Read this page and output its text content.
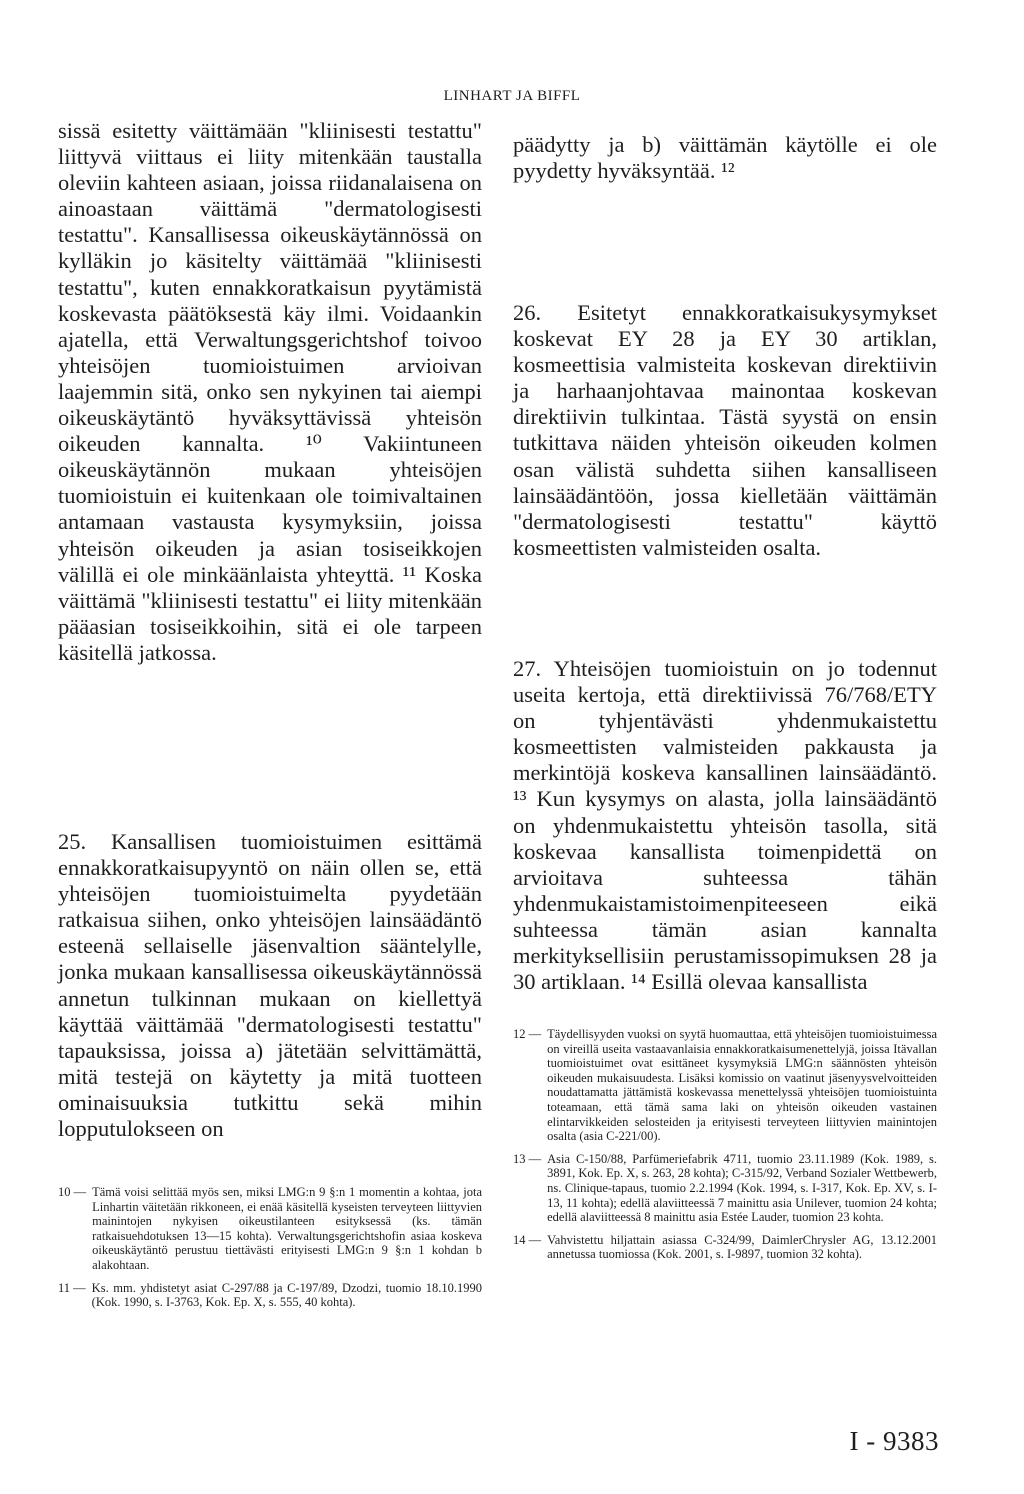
LINHART JA BIFFL

sissä esitetty väittämään "kliinisesti testattu" liittyvä viittaus ei liity mitenkään taustalla oleviin kahteen asiaan, joissa riidanalaisena on ainoastaan väittämä "dermatologisesti testattu". Kansallisessa oikeuskäytännössä on kylläkin jo käsitelty väittämää "kliinisesti testattu", kuten ennakkoratkaisun pyytämistä koskevasta päätöksestä käy ilmi. Voidaankin ajatella, että Verwaltungsgerichtshof toivoo yhteisöjen tuomioistuimen arvioivan laajemmin sitä, onko sen nykyinen tai aiempi oikeuskäytäntö hyväksyttävissä yhteisön oikeuden kannalta. ¹⁰ Vakiintuneen oikeuskäytännön mukaan yhteisöjen tuomioistuin ei kuitenkaan ole toimivaltainen antamaan vastausta kysymyksiin, joissa yhteisön oikeuden ja asian tosiseikkojen välillä ei ole minkäänlaista yhteyttä. ¹¹ Koska väittämä "kliinisesti testattu" ei liity mitenkään pääasian tosiseikkoihin, sitä ei ole tarpeen käsitellä jatkossa.

25. Kansallisen tuomioistuimen esittämä ennakkoratkaisupyyntö on näin ollen se, että yhteisöjen tuomioistuimelta pyydetään ratkaisua siihen, onko yhteisöjen lainsäädäntö esteenä sellaiselle jäsenvaltion sääntelylle, jonka mukaan kansallisessa oikeuskäytännössä annetun tulkinnan mukaan on kiellettyä käyttää väittämää "dermatologisesti testattu" tapauksissa, joissa a) jätetään selvittämättä, mitä testejä on käytetty ja mitä tuotteen ominaisuuksia tutkittu sekä mihin lopputulokseen on

10 — Tämä voisi selittää myös sen, miksi LMG:n 9 §:n 1 momentin a kohtaa, jota Linhartin väitetään rikkoneen, ei enää käsitellä kyseisten terveyteen liittyvien mainintojen nykyisen oikeustilanteen esityksessä (ks. tämän ratkaisuehdotuksen 13—15 kohta). Verwaltungsgerichtshofin asiaa koskeva oikeuskäytäntö perustuu tiettävästi erityisesti LMG:n 9 §:n 1 kohdan b alakohtaan.
11 — Ks. mm. yhdistetyt asiat C-297/88 ja C-197/89, Dzodzi, tuomio 18.10.1990 (Kok. 1990, s. I-3763, Kok. Ep. X, s. 555, 40 kohta).

päädytty ja b) väittämän käytölle ei ole pyydetty hyväksyntää. ¹²

26. Esitetyt ennakkoratkaisukysymykset koskevat EY 28 ja EY 30 artiklan, kosmeettisia valmisteita koskevan direktiivin ja harhaanjohtavaa mainontaa koskevan direktiivin tulkintaa. Tästä syystä on ensin tutkittava näiden yhteisön oikeuden kolmen osan välistä suhdetta siihen kansalliseen lainsäädäntöön, jossa kielletään väittämän "dermatologisesti testattu" käyttö kosmeettisten valmisteiden osalta.

27. Yhteisöjen tuomioistuin on jo todennut useita kertoja, että direktiivissä 76/768/ETY on tyhjentävästi yhdenmukaistettu kosmeettisten valmisteiden pakkausta ja merkintöjä koskeva kansallinen lainsäädäntö. ¹³ Kun kysymys on alasta, jolla lainsäädäntö on yhdenmukaistettu yhteisön tasolla, sitä koskevaa kansallista toimenpidettä on arvioitava suhteessa tähän yhdenmukaistamistoimenpiteeseen eikä suhteessa tämän asian kannalta merkityksellisiin perustamissopimuksen 28 ja 30 artiklaan. ¹⁴ Esillä olevaa kansallista

12 — Täydellisyyden vuoksi on syytä huomauttaa, että yhteisöjen tuomioistuimessa on vireillä useita vastaavanlaisia ennakkoratkaisumenettelyjä, joissa Itävallan tuomioistuimet ovat esittäneet kysymyksiä LMG:n säännösten yhteisön oikeuden mukaisuudesta. Lisäksi komissio on vaatinut jäsenyysvelvoitteiden noudattamatta jättämistä koskevassa menettelyssä yhteisöjen tuomioistuinta toteamaan, että tämä sama laki on yhteisön oikeuden vastainen elintarvikkeiden selosteiden ja erityisesti terveyteen liittyvien mainintojen osalta (asia C-221/00).
13 — Asia C-150/88, Parfümeriefabrik 4711, tuomio 23.11.1989 (Kok. 1989, s. 3891, Kok. Ep. X, s. 263, 28 kohta); C-315/92, Verband Sozialer Wettbewerb, ns. Clinique-tapaus, tuomio 2.2.1994 (Kok. 1994, s. I-317, Kok. Ep. XV, s. I-13, 11 kohta); edellä alaviitteessä 7 mainittu asia Unilever, tuomion 24 kohta; edellä alaviitteessä 8 mainittu asia Estée Lauder, tuomion 23 kohta.
14 — Vahvistettu hiljattain asiassa C-324/99, DaimlerChrysler AG, 13.12.2001 annetussa tuomiossa (Kok. 2001, s. I-9897, tuomion 32 kohta).
I - 9383
